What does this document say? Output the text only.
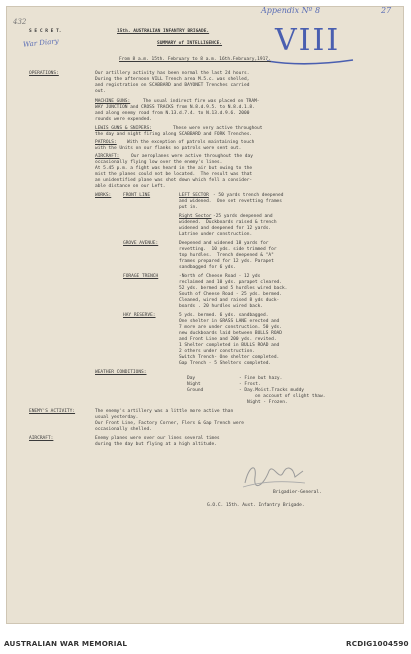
Appendix Nº 8	27
432
War Diary	VIII
S E C R E T.	15th. AUSTRALIAN INFANTRY BRIGADE.
SUMMARY of INTELLIGENCE.
From 8 a.m. 15th. February to 8 a.m. 16th.February,1917.
OPERATIONS:	Our artillery activity has been normal the last 24 hours.
During the afternoon VILL Trench area M.5.c. was shelled,
and registration on SCABBARD and BAYONET Trenches carried
out.
MACHINE GUNS:	The usual indirect fire was placed on TRAM-
WAY JUNCTION and CROSS TRACKS from N.8.d.9.5. to N.8.d.1.8.
and along enemy road from N.13.d.7.4. to N.13.d.9.6. 2000
rounds were expended.
LEWIS GUNS & SNIPERS:	These were very active throughout
the day and night firing along SCABBARD and FORK Trenches.
PATROLS: With the exception of patrols maintaining touch
with the Units on our flanks no patrols were sent out.
AIRCRAFT:	Our aeroplanes were active throughout the day
occasionally flying low over the enemy's lines.
At 5.45 p.m. a fight was heard in the air but owing to the
mist the planes could not be located.  The result was that
an unidentified plane was shot down which fell a consider-
able distance on our Left.
WORKS:	FRONT LINE	LEFT SECTOR - 50 yards trench deepened
and widened.  One set revetting frames
put in.
Right Sector -25 yards deepened and
widened.  Duckboards raised & trench
widened and deepened for 12 yards.
Latrine under construction.
GROVE AVENUE:	Deepened and widened 18 yards for
revetting.  10 yds. side trimmed for
top hurdles.  Trench deepened & "A"
frames prepared for 12 yds. Parapet
sandbagged for 6 yds.
FORAGE TRENCH	-North of Cheese Road - 12 yds
reclaimed and 10 yds. parapet cleared.
52 yds. bermed and 5 hurdles wired back.
South of Cheese Road - 25 yds. bermed.
Cleaned, wired and raised 8 yds duck-
boards . 20 hurdles wired back.
HAY RESERVE:	5 yds. bermed. 6 yds. sandbagged.
One shelter in GRASS LANE erected and
7 more are under construction. 50 yds.
new duckboards laid between BULLS ROAD
and Front Line and 200 yds. revited.
1 Shelter completed in BULLS ROAD and
2 others under construction.
Switch Trench- One shelter completed.
Gap Trench - 5 Shelters completed.
WEATHER CONDITIONS:
Day	- Fine but hazy.
Night	- Frost.
Ground	- Day.Moist.Tracks muddy
on account of slight thaw.
Night - Frozen.
ENEMY'S ACTIVITY:	The enemy's artillery was a little more active than
usual yesterday.
Our Front Line, Factory Corner, Flers & Gap Trench were
occasionally shelled.
AIRCRAFT:	Enemy planes were over our lines several times
during the day but flying at a high altitude.
Brigadier-General.
G.O.C. 15th. Aust. Infantry Brigade.
AUSTRALIAN WAR MEMORIAL	RCDIG1004590
